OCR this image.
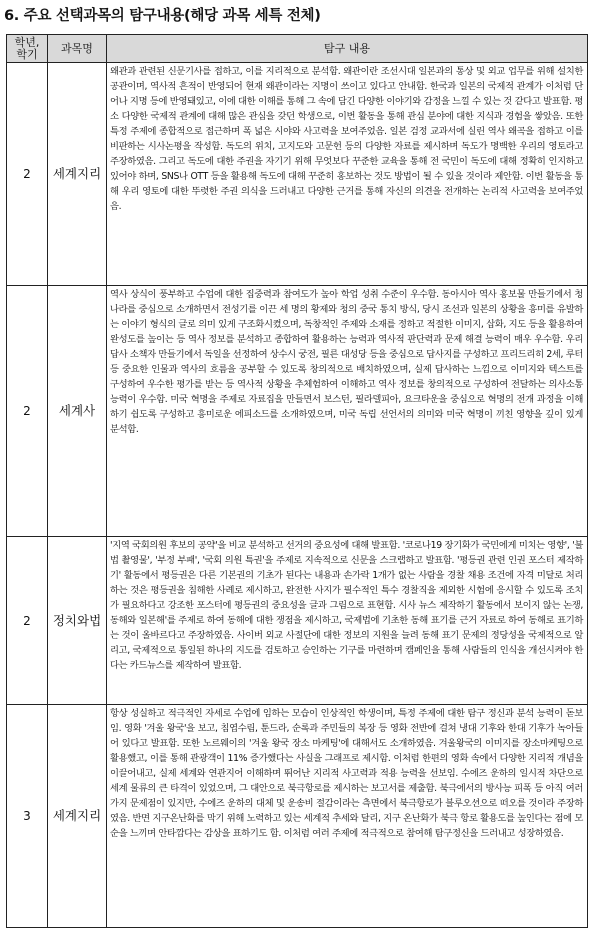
6. 주요 선택과목의 탐구내용(해당 과목 세특 전체)
학년,
학기	과목명	탐구 내용
2	세계지리	왜관과 관련된 신문기사를 접하고, 이를 지리적으로 분석함. 왜관이란 조선시대 일본과의 통상 및 외교 업무를 위해 설치한 공관이며, 역사적 흔적이 반영되어 현재 왜관이라는 지명이 쓰이고 있다고 안내함. 한국과 일본의 국제적 관계가 이처럼 단어나 지명 등에 반영돼있고, 이에 대한 이해를 통해 그 속에 담긴 다양한 이야기와 감정을 느낄 수 있는 것 같다고 발표함. 평소 다양한 국제적 관계에 대해 많은 관심을 갖던 학생으로, 이번 활동을 통해 관심 분야에 대한 지식과 경험을 쌓았음. 또한 특정 주제에 종합적으로 접근하며 폭 넓은 시야와 사고력을 보여주었음. 일본 검정 교과서에 실린 역사 왜곡을 접하고 이를 비판하는 시사논평을 작성함. 독도의 위치, 고지도와 고문헌 등의 다양한 자료를 제시하며 독도가 명백한 우리의 영토라고 주장하였음. 그리고 독도에 대한 주권을 자기기 위해 무엇보다 꾸준한 교육을 통해 전 국민이 독도에 대해 정확히 인지하고 있어야 하며, SNS나 OTT 등을 활용해 독도에 대해 꾸준히 홍보하는 것도 방법이 될 수 있을 것이라 제안함. 이번 활동을 통해 우리 영토에 대한 뚜렷한 주권 의식을 드러내고 다양한 근거를 통해 자신의 의견을 전개하는 논리적 사고력을 보여주었음.
2	세계사	역사 상식이 풍부하고 수업에 대한 집중력과 참여도가 높아 학업 성취 수준이 우수함. 동아시아 역사 홍보물 만들기에서 청나라를 중심으로 소개하면서 전성기를 이끈 세 명의 황제와 청의 중국 통치 방식, 당시 조선과 일본의 상황을 흥미를 유발하는 이야기 형식의 글로 의미 있게 구조화시켰으며, 독창적인 주제와 소재를 정하고 적절한 이미지, 삽화, 지도 등을 활용하여 완성도를 높이는 등 역사 정보를 분석하고 종합하여 활용하는 능력과 역사적 판단력과 문제 해결 능력이 매우 우수함. 우리 답사 소책자 만들기에서 독일을 선정하여 상수시 궁전, 필른 대성당 등을 중심으로 답사지를 구성하고 프리드리히 2세, 루터 등 중요한 인물과 역사의 흐름을 공부할 수 있도록 창의적으로 배치하였으며, 실제 답사하는 느낌으로 이미지와 텍스트를 구성하여 우수한 평가를 받는 등 역사적 상황을 추체험하여 이해하고 역사 정보를 창의적으로 구성하여 전달하는 의사소통 능력이 우수함. 미국 혁명을 주제로 자료집을 만들면서 보스턴, 필라델피아, 요크타운을 중심으로 혁명의 전개 과정을 이해하기 쉽도록 구성하고 흥미로운 에피소드를 소개하였으며, 미국 독립 선언서의 의미와 미국 혁명이 끼친 영향을 깊이 있게 분석함.
2	정치와법	'지역 국회의원 후보의 공약'을 비교 분석하고 선거의 중요성에 대해 발표함. '코로나19 장기화가 국민에게 미치는 영향', '불법 촬영물', '부정 부패', '국회 의원 특권'을 주제로 지속적으로 신문을 스크랩하고 발표함. '평등권 관련 인권 포스터 제작하기' 활동에서 평등권은 다른 기본권의 기초가 된다는 내용과 손가락 1개가 없는 사람을 경찰 채용 조건에 자격 미달로 처리하는 것은 평등권을 침해한 사례로 제시하고, 완전한 사지가 필수적인 특수 경찰직을 제외한 시험에 응시할 수 있도록 조치가 필요하다고 강조한 포스터에 평등권의 중요성을 글과 그림으로 표현함. 시사 뉴스 제작하기 활동에서 보이지 않는 논쟁, 동해와 일본해'를 주제로 하여 동해에 대한 쟁점을 제시하고, 국제법에 기초한 동해 표기를 근거 자료로 하여 동해로 표기하는 것이 올바르다고 주장하였음. 사이버 외교 사절단에 대한 정보의 지원을 늘려 동해 표기 문제의 정당성을 국제적으로 알리고, 국제적으로 통일된 하나의 지도를 검토하고 승인하는 기구를 마련하며 캠페인을 통해 사람들의 인식을 개선시켜야 한다는 카드뉴스를 제작하여 발표함.
3	세계지리	항상 성실하고 적극적인 자세로 수업에 임하는 모습이 인상적인 학생이며, 특정 주제에 대한 탐구 정신과 분석 능력이 돋보임. 영화 '겨울 왕국'을 보고, 침엽수림, 툰드라, 순록과 주민들의 복장 등 영화 전반에 걸쳐 냉대 기후와 한대 기후가 녹아들어 있다고 발표함. 또한 노르웨이의 '겨울 왕국 장소 마케팅'에 대해서도 소개하였음. 겨울왕국의 이미지를 장소마케팅으로 활용했고, 이를 통해 관광객이 11% 증가했다는 사실을 그래프로 제시함. 이처럼 한편의 영화 속에서 다양한 지리적 개념을 이끌어내고, 실제 세계와 연관지어 이해하며 뛰어난 지리적 사고력과 적용 능력을 선보임. 수에즈 운하의 일시적 차단으로 세계 물류의 큰 타격이 있었으며, 그 대안으로 북극항로를 제시하는 보고서를 제출함. 북극에서의 방사능 피폭 등 아직 여러가지 문제점이 있지만, 수에즈 운하의 대체 및 운송비 절감이라는 측면에서 북극항로가 블루오션으로 떠오를 것이라 주장하였음. 반면 지구온난화를 막기 위해 노력하고 있는 세계적 추세와 달리, 지구 온난화가 북극 항로 활용도를 높인다는 점에 모순을 느끼며 안타깝다는 감상을 표하기도 함. 이처럼 여러 주제에 적극적으로 참여해 탐구정신을 드러내고 성장하였음.
